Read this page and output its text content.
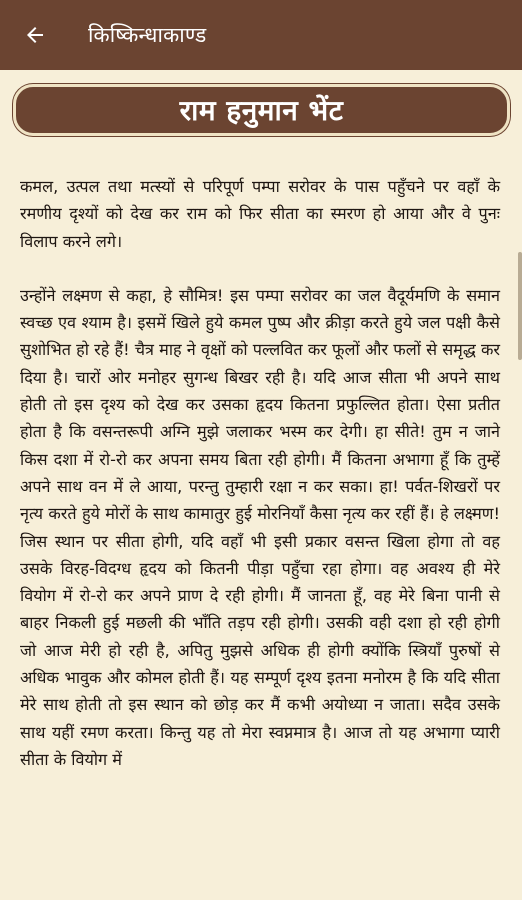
किष्किन्धाकाण्ड
राम हनुमान भेंट

कमल, उत्पल तथा मत्स्यों से परिपूर्ण पम्पा सरोवर के पास पहुँचने पर वहाँ के रमणीय दृश्यों को देख कर राम को फिर सीता का स्मरण हो आया और वे पुनः विलाप करने लगे।

उन्होंने लक्ष्मण से कहा, हे सौमित्र! इस पम्पा सरोवर का जल वैदूर्यमणि के समान स्वच्छ एव श्याम है। इसमें खिले हुये कमल पुष्प और क्रीड़ा करते हुये जल पक्षी कैसे सुशोभित हो रहे हैं! चैत्र माह ने वृक्षों को पल्लवित कर फूलों और फलों से समृद्ध कर दिया है। चारों ओर मनोहर सुगन्ध बिखर रही है। यदि आज सीता भी अपने साथ होती तो इस दृश्य को देख कर उसका हृदय कितना प्रफुल्लित होता। ऐसा प्रतीत होता है कि वसन्तरूपी अग्नि मुझे जलाकर भस्म कर देगी। हा सीते! तुम न जाने किस दशा में रो-रो कर अपना समय बिता रही होगी। मैं कितना अभागा हूँ कि तुम्हें अपने साथ वन में ले आया, परन्तु तुम्हारी रक्षा न कर सका। हा! पर्वत-शिखरों पर नृत्य करते हुये मोरों के साथ कामातुर हुई मोरनियाँ कैसा नृत्य कर रहीं हैं। हे लक्ष्मण! जिस स्थान पर सीता होगी, यदि वहाँ भी इसी प्रकार वसन्त खिला होगा तो वह उसके विरह-विदग्ध हृदय को कितनी पीड़ा पहुँचा रहा होगा। वह अवश्य ही मेरे वियोग में रो-रो कर अपने प्राण दे रही होगी। मैं जानता हूँ, वह मेरे बिना पानी से बाहर निकली हुई मछली की भाँति तड़प रही होगी। उसकी वही दशा हो रही होगी जो आज मेरी हो रही है, अपितु मुझसे अधिक ही होगी क्योंकि स्त्रियाँ पुरुषों से अधिक भावुक और कोमल होती हैं। यह सम्पूर्ण दृश्य इतना मनोरम है कि यदि सीता मेरे साथ होती तो इस स्थान को छोड़ कर मैं कभी अयोध्या न जाता। सदैव उसके साथ यहीं रमण करता। किन्तु यह तो मेरा स्वप्नमात्र है। आज तो यह अभागा प्यारी सीता के वियोग में
